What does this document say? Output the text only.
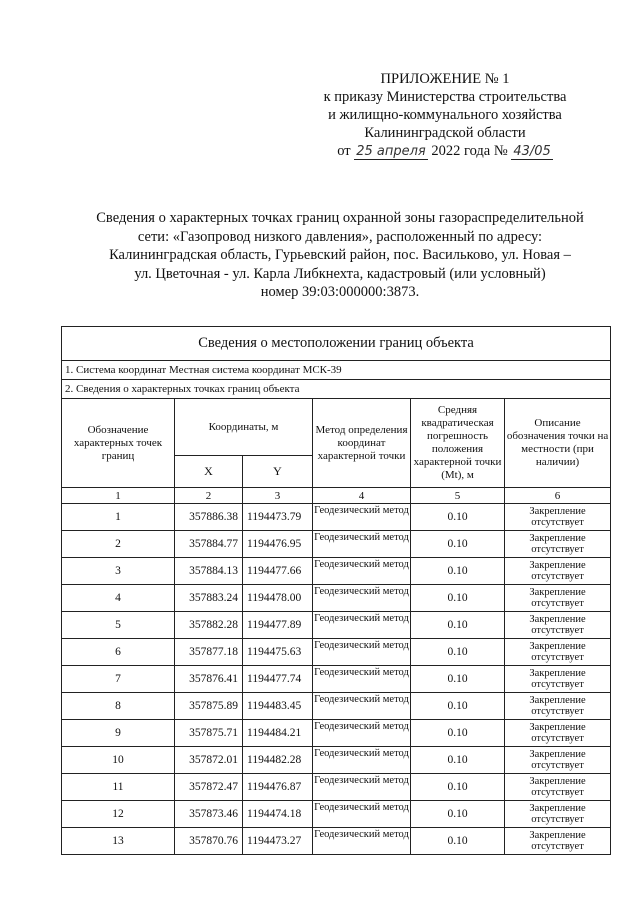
ПРИЛОЖЕНИЕ № 1
к приказу Министерства строительства
и жилищно-коммунального хозяйства
Калининградской области
от 25 апреля 2022 года № 43/05
Сведения о характерных точках границ охранной зоны газораспределительной
сети: «Газопровод низкого давления», расположенный по адресу:
Калининградская область, Гурьевский район, пос. Васильково, ул. Новая –
ул. Цветочная - ул. Карла Либкнехта, кадастровый (или условный)
номер 39:03:000000:3873.
Сведения о местоположении границ объекта					
1. Система координат Местная система координат МСК-39					
2. Сведения о характерных точках границ объекта					
Обозначение характерных точек границ	Координаты, м		Метод определения координат характерной точки	Средняя квадратическая погрешность положения характерной точки (Mt), м	Описание обозначения точки на местности (при наличии)
	X	Y			
1	2	3	4	5	6
1	357886.38	1194473.79	Геодезический метод	0.10	Закрепление отсутствует
2	357884.77	1194476.95	Геодезический метод	0.10	Закрепление отсутствует
3	357884.13	1194477.66	Геодезический метод	0.10	Закрепление отсутствует
4	357883.24	1194478.00	Геодезический метод	0.10	Закрепление отсутствует
5	357882.28	1194477.89	Геодезический метод	0.10	Закрепление отсутствует
6	357877.18	1194475.63	Геодезический метод	0.10	Закрепление отсутствует
7	357876.41	1194477.74	Геодезический метод	0.10	Закрепление отсутствует
8	357875.89	1194483.45	Геодезический метод	0.10	Закрепление отсутствует
9	357875.71	1194484.21	Геодезический метод	0.10	Закрепление отсутствует
10	357872.01	1194482.28	Геодезический метод	0.10	Закрепление отсутствует
11	357872.47	1194476.87	Геодезический метод	0.10	Закрепление отсутствует
12	357873.46	1194474.18	Геодезический метод	0.10	Закрепление отсутствует
13	357870.76	1194473.27	Геодезический метод	0.10	Закрепление отсутствует
